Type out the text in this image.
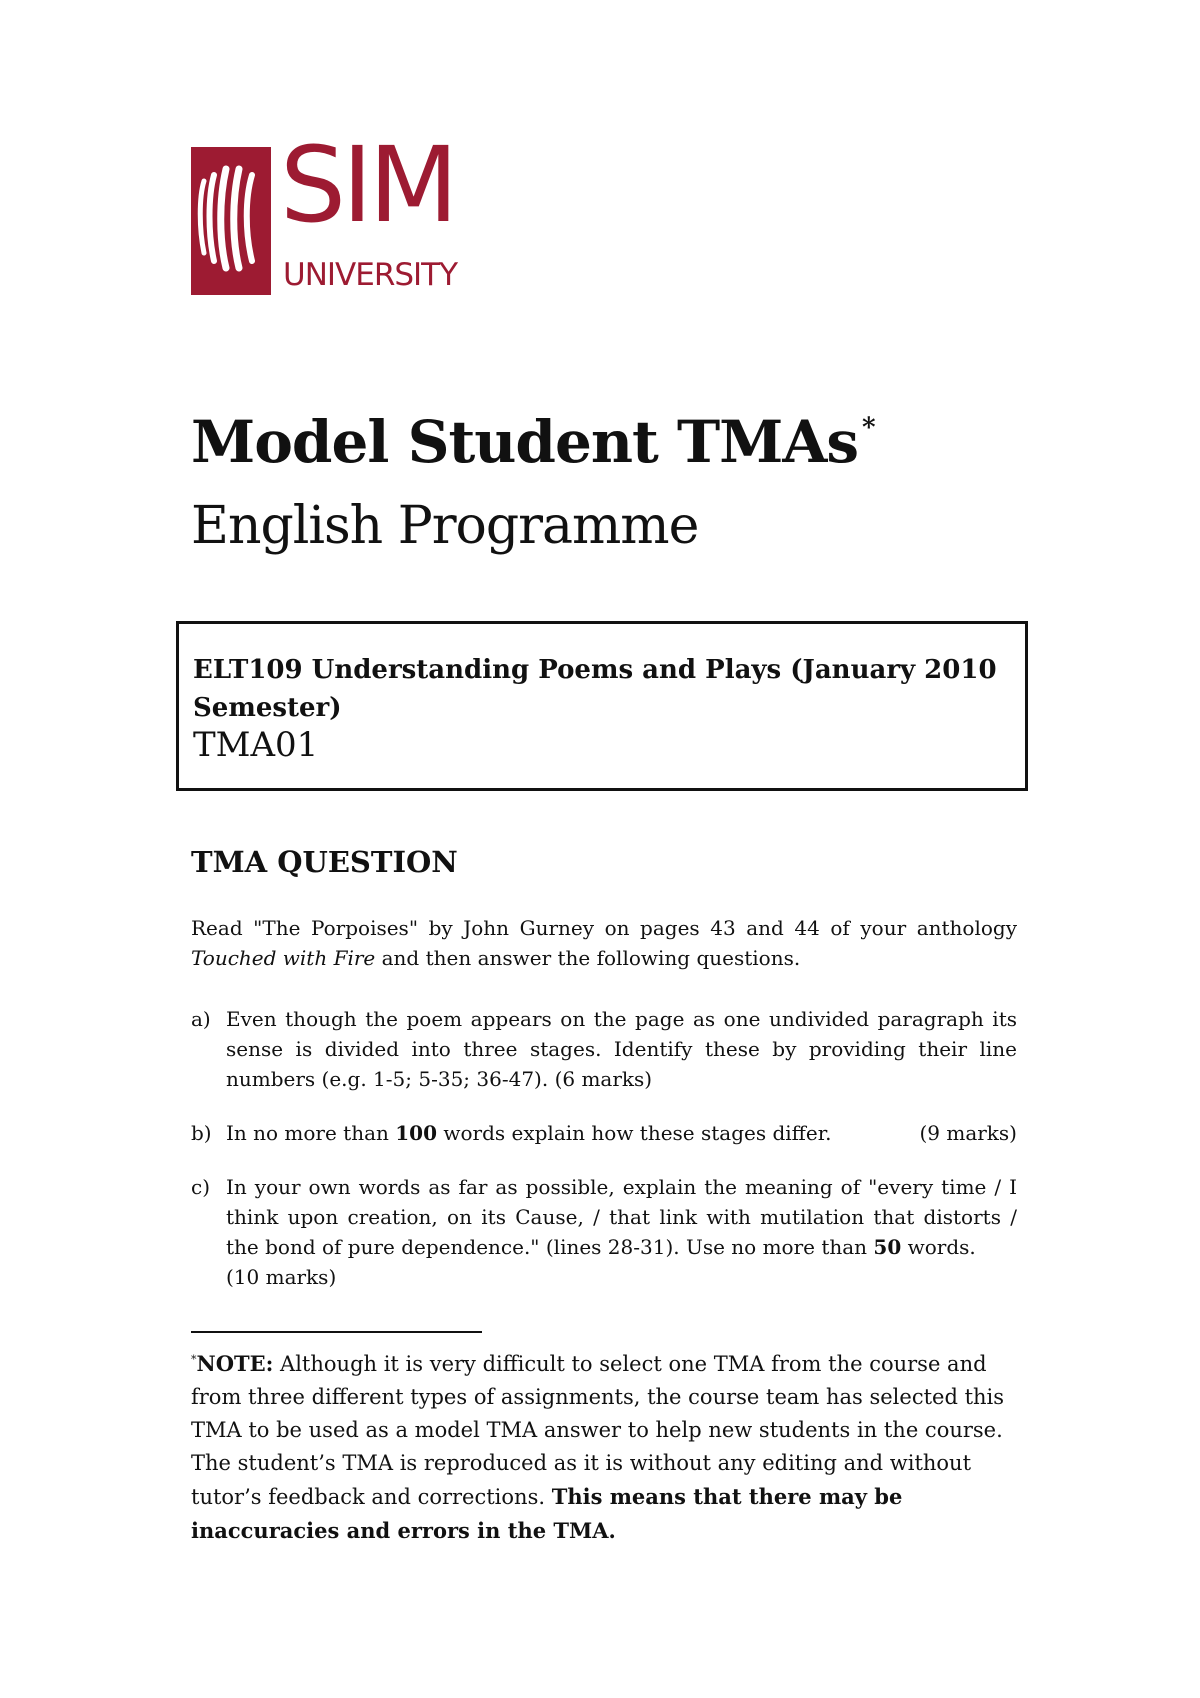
SIM
UNIVERSITY
Model Student TMAs *
English Programme
ELT109 Understanding Poems and Plays (January 2010 Semester)
TMA01
TMA QUESTION

Read "The Porpoises" by John Gurney on pages 43 and 44 of your anthology Touched with Fire and then answer the following questions.

a) Even though the poem appears on the page as one undivided paragraph its sense is divided into three stages. Identify these by providing their line numbers (e.g. 1-5; 5-35; 36-47). (6 marks)
b) In no more than 100 words explain how these stages differ.	(9 marks)
c) In your own words as far as possible, explain the meaning of "every time / I think upon creation, on its Cause, / that link with mutilation that distorts / the bond of pure dependence." (lines 28-31). Use no more than 50 words.
(10 marks)

*NOTE: Although it is very difficult to select one TMA from the course and from three different types of assignments, the course team has selected this TMA to be used as a model TMA answer to help new students in the course. The student’s TMA is reproduced as it is without any editing and without tutor’s feedback and corrections. This means that there may be inaccuracies and errors in the TMA.
